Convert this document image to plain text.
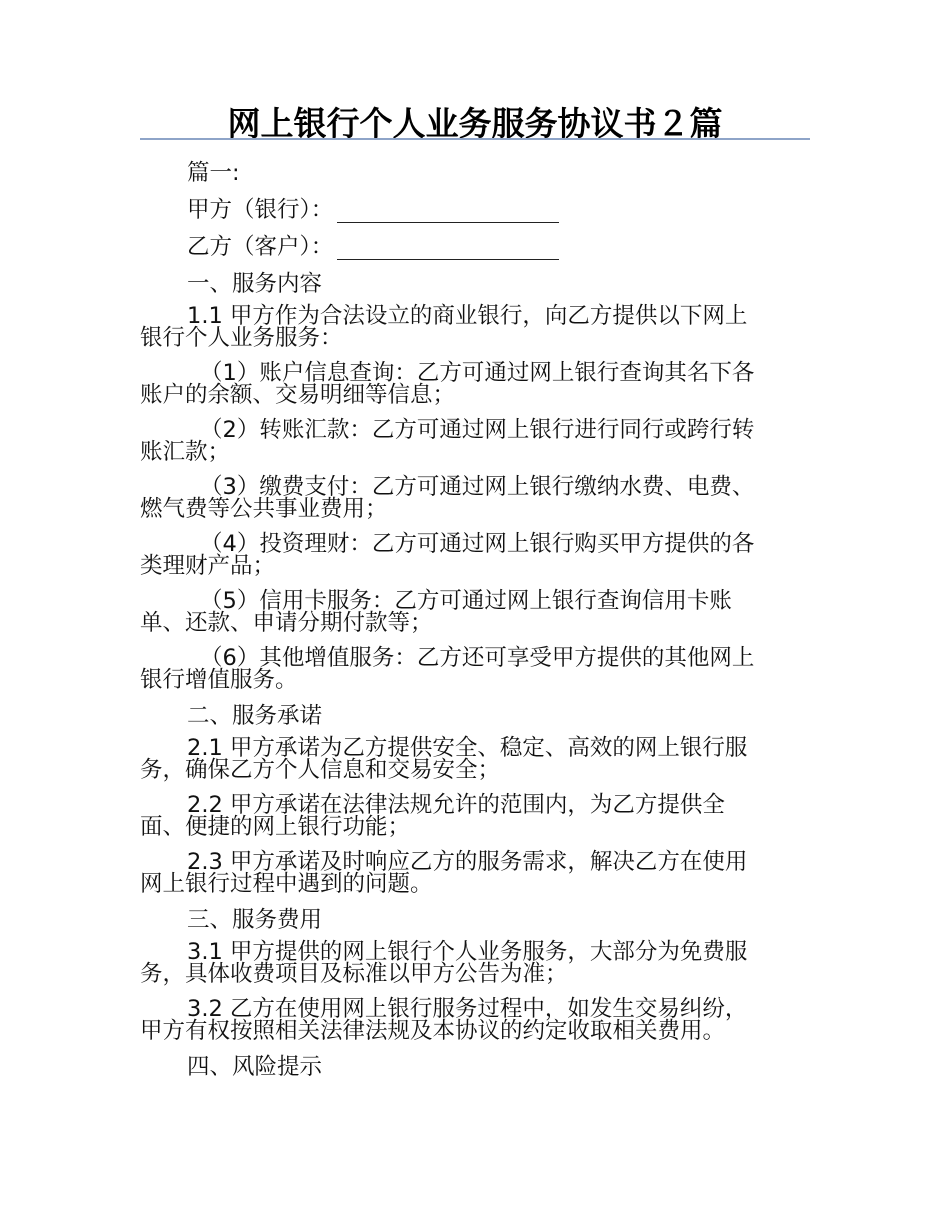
网上银行个人业务服务协议书２篇

篇一:

甲方（银行）：

乙方（客户）：

一、服务内容

1.1 甲方作为合法设立的商业银行，向乙方提供以下网上

银行个人业务服务：

（1）账户信息查询：乙方可通过网上银行查询其名下各

账户的余额、交易明细等信息；

（2）转账汇款：乙方可通过网上银行进行同行或跨行转

账汇款；

（3）缴费支付：乙方可通过网上银行缴纳水费、电费、

燃气费等公共事业费用；

（4）投资理财：乙方可通过网上银行购买甲方提供的各

类理财产品；

（5）信用卡服务：乙方可通过网上银行查询信用卡账

单、还款、申请分期付款等；

（6）其他增值服务：乙方还可享受甲方提供的其他网上

银行增值服务。

二、服务承诺

2.1 甲方承诺为乙方提供安全、稳定、高效的网上银行服

务，确保乙方个人信息和交易安全；

2.2 甲方承诺在法律法规允许的范围内，为乙方提供全

面、便捷的网上银行功能；

2.3 甲方承诺及时响应乙方的服务需求，解决乙方在使用

网上银行过程中遇到的问题。

三、服务费用

3.1 甲方提供的网上银行个人业务服务，大部分为免费服

务，具体收费项目及标准以甲方公告为准；

3.2 乙方在使用网上银行服务过程中，如发生交易纠纷，

甲方有权按照相关法律法规及本协议的约定收取相关费用。

四、风险提示
